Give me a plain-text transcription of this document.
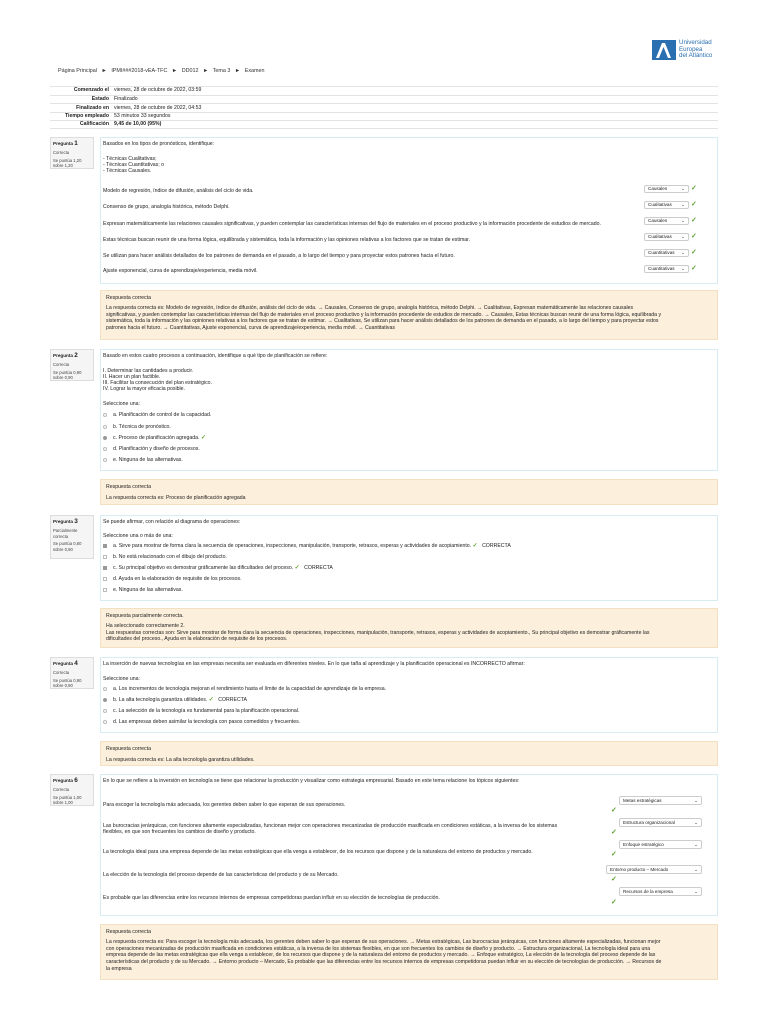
Universidad
Europea
del Atlántico
Página Principal ► IPMI###2018-vEA-TFC ► DD012 ► Tema 3 ► Examen
Comenzado el viernes, 28 de octubre de 2022, 03:59
Estado Finalizado
Finalizado en viernes, 28 de octubre de 2022, 04:53
Tiempo empleado 53 minutos 33 segundos
Calificación 9,45 de 10,00 (95%)
Pregunta 1
Correcta
Se puntúa 1,20 sobre 1,20
Basados en los tipos de pronósticos, identifique:
- Técnicas Cualitativas;
- Técnicas Cuantitativas; o
- Técnicas Causales.
Modelo de regresión, índice de difusión, análisis del ciclo de vida.	Causales	⌄ ✓
Consenso de grupo, analogía histórica, método Delphi.	Cualitativas ⌄ ✓
Expresan matemáticamente las relaciones causales significativas, y pueden contemplar las características internas del flujo de materiales en el proceso productivo y la información procedente de estudios de mercado.
Causales	⌄ ✓
Estas técnicas buscan reunir de una forma lógica, equilibrada y sistemática, toda la información y las opiniones relativas a los factores que se tratan de estimar.
Cualitativas ⌄ ✓
Se utilizan para hacer análisis detallados de los patrones de demanda en el pasado, a lo largo del tiempo y para proyectar estos patrones hacia el futuro.
Cuantitativas ⌄ ✓
Ajuste exponencial, curva de aprendizaje/experiencia, media móvil.	Cuantitativas ⌄ ✓
Respuesta correcta
La respuesta correcta es: Modelo de regresión, índice de difusión, análisis del ciclo de vida. → Causales, Consenso de grupo, analogía histórica, método Delphi. → Cualitativas, Expresan matemáticamente las relaciones causales
significativas, y pueden contemplar las características internas del flujo de materiales en el proceso productivo y la información procedente de estudios de mercado. → Causales, Estas técnicas buscan reunir de una forma lógica, equilibrada y
sistemática, toda la información y las opiniones relativas a los factores que se tratan de estimar. → Cualitativas, Se utilizan para hacer análisis detallados de los patrones de demanda en el pasado, a lo largo del tiempo y para proyectar estos
patrones hacia el futuro. → Cuantitativas, Ajuste exponencial, curva de aprendizaje/experiencia, media móvil. → Cuantitativas
Pregunta 2
Correcta
Se puntúa 0,90 sobre 0,90
Basado en estos cuatro procesos a continuación, identifique a qué tipo de planificación se refiere:
I. Determinar las cantidades a producir.
II. Hacer un plan factible.
III. Facilitar la consecución del plan estratégico.
IV. Lograr la mayor eficacia posible.
Seleccione una:
a. Planificación de control de la capacidad.
b. Técnica de pronóstico.
c. Proceso de planificación agregada. ✓
d. Planificación y diseño de procesos.
e. Ninguna de las alternativas.
Respuesta correcta
La respuesta correcta es: Proceso de planificación agregada
Pregunta 3
Parcialmente correcta
Se puntúa 0,60 sobre 0,90
Se puede afirmar, con relación al diagrama de operaciones:
Seleccione una o más de una:
a. Sirve para mostrar de forma clara la secuencia de operaciones, inspecciones, manipulación, transporte, retrasos, esperas y actividades de acopiamiento. ✓ CORRECTA
b. No está relacionado con el dibujo del producto.
c. Su principal objetivo es demostrar gráficamente las dificultades del proceso. ✓ CORRECTA
d. Ayuda en la elaboración de requisite de los procesos.
e. Ninguna de las alternativas.
Respuesta parcialmente correcta.
Ha seleccionado correctamente 2.
Las respuestas correctas son: Sirve para mostrar de forma clara la secuencia de operaciones, inspecciones, manipulación, transporte, retrasos, esperas y actividades de acopiamiento., Su principal objetivo es demostrar gráficamente las
dificultades del proceso., Ayuda en la elaboración de requisite de los procesos.
Pregunta 4
Correcta
Se puntúa 0,90 sobre 0,90
La inserción de nuevas tecnologías en las empresas necesita ser evaluada en diferentes niveles. En lo que taña al aprendizaje y la planificación operacional es INCORRECTO afirmar:
Seleccione una:
a. Los incrementos de tecnología mejoran el rendimiento hasta el límite de la capacidad de aprendizaje de la empresa.
b. La alta tecnología garantiza utilidades. ✓ CORRECTA
c. La selección de la tecnología es fundamental para la planificación operacional.
d. Las empresas deben asimilar la tecnología con pasos comedidos y frecuentes.
Respuesta correcta
La respuesta correcta es: La alta tecnología garantiza utilidades.
Pregunta 6
Correcta
Se puntúa 1,00 sobre 1,00
En lo que se refiere a la inversión en tecnología se tiene que relacionar la producción y visualizar como estrategia empresarial. Basado en este tema relacione los tópicos siguientes:
Para escoger la tecnología más adecuada, los gerentes deben saber lo que esperan de sus operaciones.
Metas estratégicas	⌄
✓
Las burocracias jerárquicas, con funciones altamente especializadas, funcionan mejor con operaciones mecanizadas de producción masificada en condiciones estáticas, a la inversa de los sistemas
flexibles, en que son frecuentes los cambios de diseño y producto.
Estructura organizacional	⌄
✓
La tecnología ideal para una empresa depende de las metas estratégicas que ella venga a establecer, de los recursos que dispone y de la naturaleza del entorno de productos y mercado.
Enfoque estratégico	⌄
✓
La elección de la tecnología del proceso depende de las características del producto y de su Mercado.
Entorno producto – Mercado	⌄
✓
Es probable que las diferencias entre los recursos internos de empresas competidoras puedan influir en su elección de tecnologías de producción.
Recursos de la empresa	⌄
✓
Respuesta correcta
La respuesta correcta es: Para escoger la tecnología más adecuada, los gerentes deben saber lo que esperan de sus operaciones. → Metas estratégicas, Las burocracias jerárquicas, con funciones altamente especializadas, funcionan mejor
con operaciones mecanizadas de producción masificada en condiciones estáticas, a la inversa de los sistemas flexibles, en que son frecuentes los cambios de diseño y producto. → Estructura organizacional, La tecnología ideal para una
empresa depende de las metas estratégicas que ella venga a establecer, de los recursos que dispone y de la naturaleza del entorno de productos y mercado. → Enfoque estratégico, La elección de la tecnología del proceso depende de las
características del producto y de su Mercado. → Entorno producto – Mercado, Es probable que las diferencias entre los recursos internos de empresas competidoras puedan influir en su elección de tecnologías de producción. → Recursos de
la empresa
